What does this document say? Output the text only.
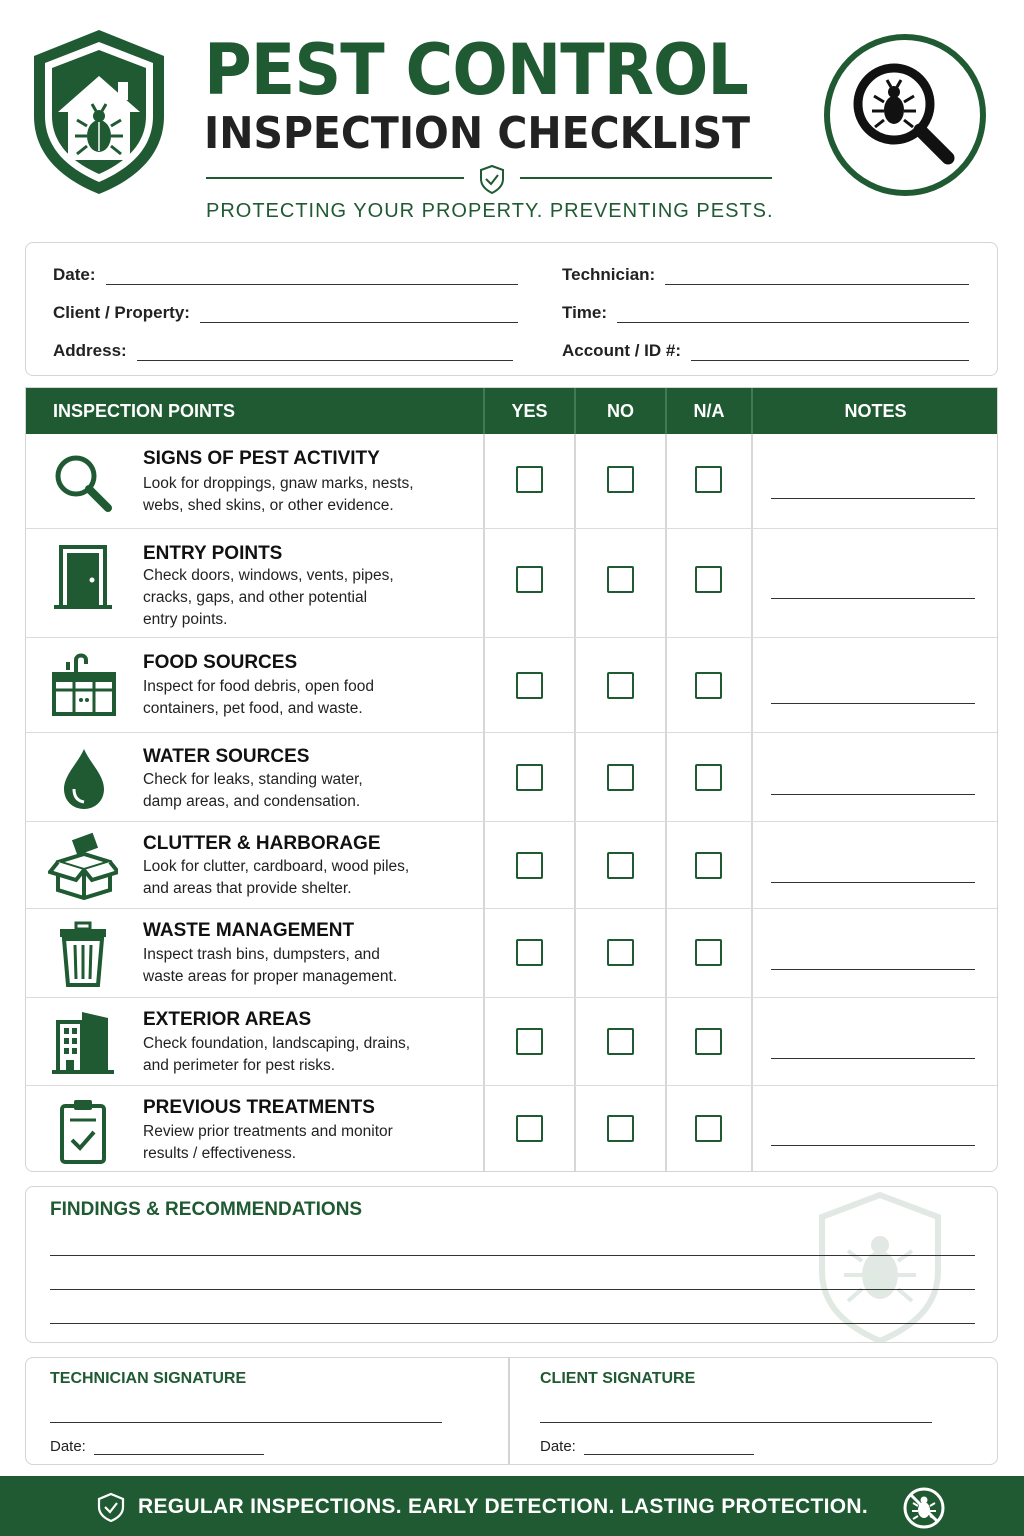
PEST CONTROL
INSPECTION CHECKLIST
PROTECTING YOUR PROPERTY. PREVENTING PESTS.
Date:	Technician:
Client / Property:	Time:
Address:	Account / ID #:
INSPECTION POINTS	YES	NO	N/A	NOTES
SIGNS OF PEST ACTIVITY
Look for droppings, gnaw marks, nests,
webs, shed skins, or other evidence.
ENTRY POINTS
Check doors, windows, vents, pipes,
cracks, gaps, and other potential
entry points.
FOOD SOURCES
Inspect for food debris, open food
containers, pet food, and waste.
WATER SOURCES
Check for leaks, standing water,
damp areas, and condensation.
CLUTTER & HARBORAGE
Look for clutter, cardboard, wood piles,
and areas that provide shelter.
WASTE MANAGEMENT
Inspect trash bins, dumpsters, and
waste areas for proper management.
EXTERIOR AREAS
Check foundation, landscaping, drains,
and perimeter for pest risks.
PREVIOUS TREATMENTS
Review prior treatments and monitor
results / effectiveness.
FINDINGS & RECOMMENDATIONS
TECHNICIAN SIGNATURE
Date:
CLIENT SIGNATURE
Date:
REGULAR INSPECTIONS. EARLY DETECTION. LASTING PROTECTION.
